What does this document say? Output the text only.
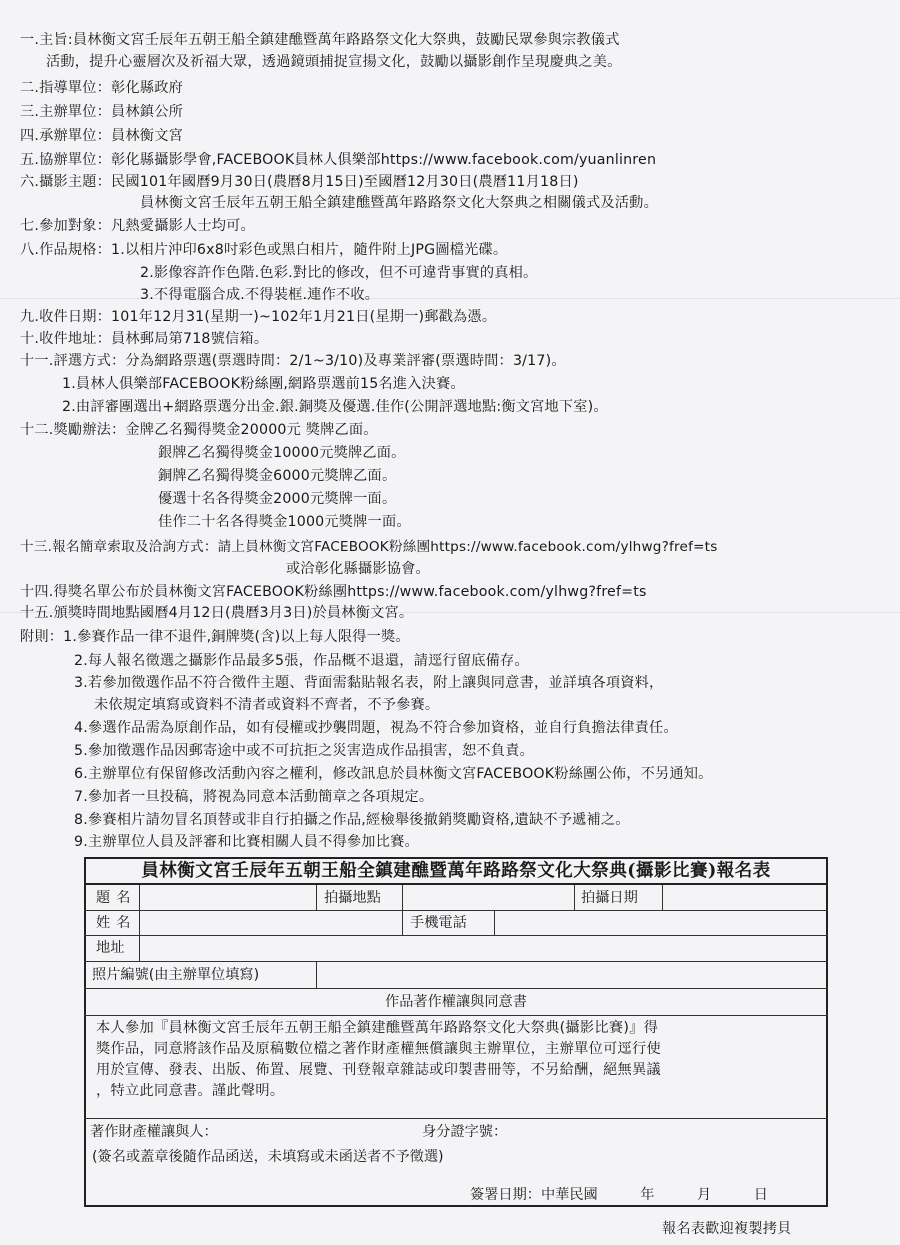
一.主旨:員林衡文宮壬辰年五朝王船全鎮建醮暨萬年路路祭文化大祭典，鼓勵民眾參與宗教儀式
活動，提升心靈層次及祈福大眾，透過鏡頭捕捉宣揚文化，鼓勵以攝影創作呈現慶典之美。
二.指導單位：彰化縣政府
三.主辦單位：員林鎮公所
四.承辦單位：員林衡文宮
五.協辦單位：彰化縣攝影學會,FACEBOOK員林人俱樂部https://www.facebook.com/yuanlinren
六.攝影主題：民國101年國曆9月30日(農曆8月15日)至國曆12月30日(農曆11月18日)
員林衡文宮壬辰年五朝王船全鎮建醮暨萬年路路祭文化大祭典之相關儀式及活動。
七.參加對象：凡熱愛攝影人士均可。
八.作品規格：1.以相片沖印6x8吋彩色或黑白相片，隨件附上JPG圖檔光碟。
2.影像容許作色階.色彩.對比的修改，但不可違背事實的真相。
3.不得電腦合成.不得裝框.連作不收。
九.收件日期：101年12月31(星期一)~102年1月21日(星期一)郵戳為憑。
十.收件地址：員林郵局第718號信箱。
十一.評選方式：分為網路票選(票選時間：2/1~3/10)及專業評審(票選時間：3/17)。
1.員林人俱樂部FACEBOOK粉絲團,網路票選前15名進入決賽。
2.由評審團選出+網路票選分出金.銀.銅獎及優選.佳作(公開評選地點:衡文宮地下室)。
十二.獎勵辦法：金牌乙名獨得獎金20000元 獎牌乙面。
銀牌乙名獨得獎金10000元獎牌乙面。
銅牌乙名獨得獎金6000元獎牌乙面。
優選十名各得獎金2000元獎牌一面。
佳作二十名各得獎金1000元獎牌一面。
十三.報名簡章索取及洽詢方式：請上員林衡文宮FACEBOOK粉絲團https://www.facebook.com/ylhwg?fref=ts
或洽彰化縣攝影協會。
十四.得獎名單公布於員林衡文宮FACEBOOK粉絲團https://www.facebook.com/ylhwg?fref=ts
十五.頒獎時間地點國曆4月12日(農曆3月3日)於員林衡文宮。
附則：1.參賽作品一律不退件,銅牌獎(含)以上每人限得一獎。
2.每人報名徵選之攝影作品最多5張，作品概不退還，請逕行留底備存。
3.若參加徵選作品不符合徵件主題、背面需黏貼報名表，附上讓與同意書，並詳填各項資料，
未依規定填寫或資料不清者或資料不齊者，不予參賽。
4.參選作品需為原創作品，如有侵權或抄襲問題，視為不符合參加資格，並自行負擔法律責任。
5.參加徵選作品因郵寄途中或不可抗拒之災害造成作品損害，恕不負責。
6.主辦單位有保留修改活動內容之權利，修改訊息於員林衡文宮FACEBOOK粉絲團公佈，不另通知。
7.參加者一旦投稿，將視為同意本活動簡章之各項規定。
8.參賽相片請勿冒名頂替或非自行拍攝之作品,經檢舉後撤銷獎勵資格,遺缺不予遞補之。
9.主辦單位人員及評審和比賽相關人員不得參加比賽。
員林衡文宮壬辰年五朝王船全鎮建醮暨萬年路路祭文化大祭典(攝影比賽)報名表
題名	拍攝地點	拍攝日期
姓名	手機電話
地址
照片編號(由主辦單位填寫)
作品著作權讓與同意書
本人參加『員林衡文宮壬辰年五朝王船全鎮建醮暨萬年路路祭文化大祭典(攝影比賽)』得
獎作品，同意將該作品及原稿數位檔之著作財產權無償讓與主辦單位，主辦單位可逕行使
用於宣傳、發表、出版、佈置、展覽、刊登報章雜誌或印製書冊等，不另給酬，絕無異議
，特立此同意書。謹此聲明。
著作財產權讓與人：	身分證字號：
(簽名或蓋章後隨作品函送，未填寫或未函送者不予徵選)
簽署日期：中華民國　　　年　　　月　　　日
報名表歡迎複製拷貝
